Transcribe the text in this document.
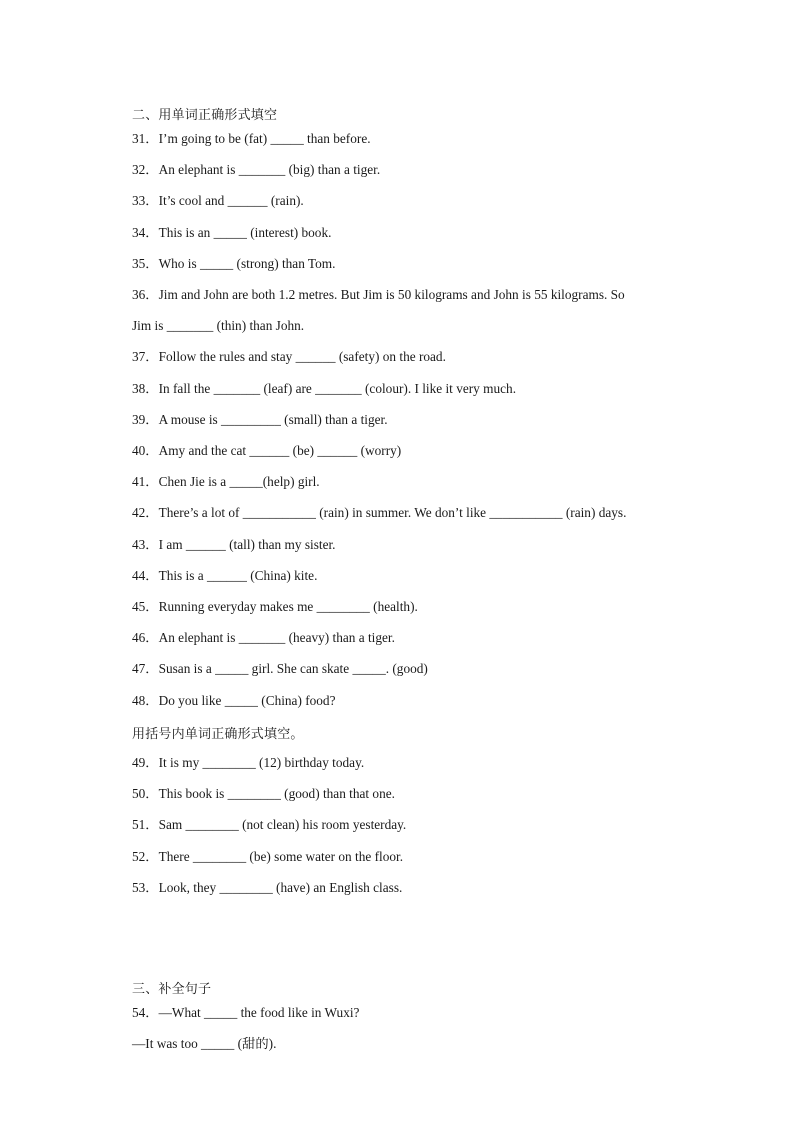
二、用单词正确形式填空
31．I’m going to be (fat) _____ than before.
32．An elephant is _______ (big) than a tiger.
33．It’s cool and ______ (rain).
34．This is an _____ (interest) book.
35．Who is _____ (strong) than Tom.
36．Jim and John are both 1.2 metres. But Jim is 50 kilograms and John is 55 kilograms. So
Jim is _______ (thin) than John.
37．Follow the rules and stay ______ (safety) on the road.
38．In fall the _______ (leaf) are _______ (colour). I like it very much.
39．A mouse is _________ (small) than a tiger.
40．Amy and the cat ______ (be) ______ (worry)
41．Chen Jie is a _____(help) girl.
42．There’s a lot of ___________ (rain) in summer. We don’t like ___________ (rain) days.
43．I am ______ (tall) than my sister.
44．This is a ______ (China) kite.
45．Running everyday makes me ________ (health).
46．An elephant is _______ (heavy) than a tiger.
47．Susan is a _____ girl. She can skate _____. (good)
48．Do you like _____ (China) food?
用括号内单词正确形式填空。
49．It is my ________ (12) birthday today.
50．This book is ________ (good) than that one.
51．Sam ________ (not clean) his room yesterday.
52．There ________ (be) some water on the floor.
53．Look, they ________ (have) an English class.
三、补全句子
54．—What _____ the food like in Wuxi?
—It was too _____ (甜的).
